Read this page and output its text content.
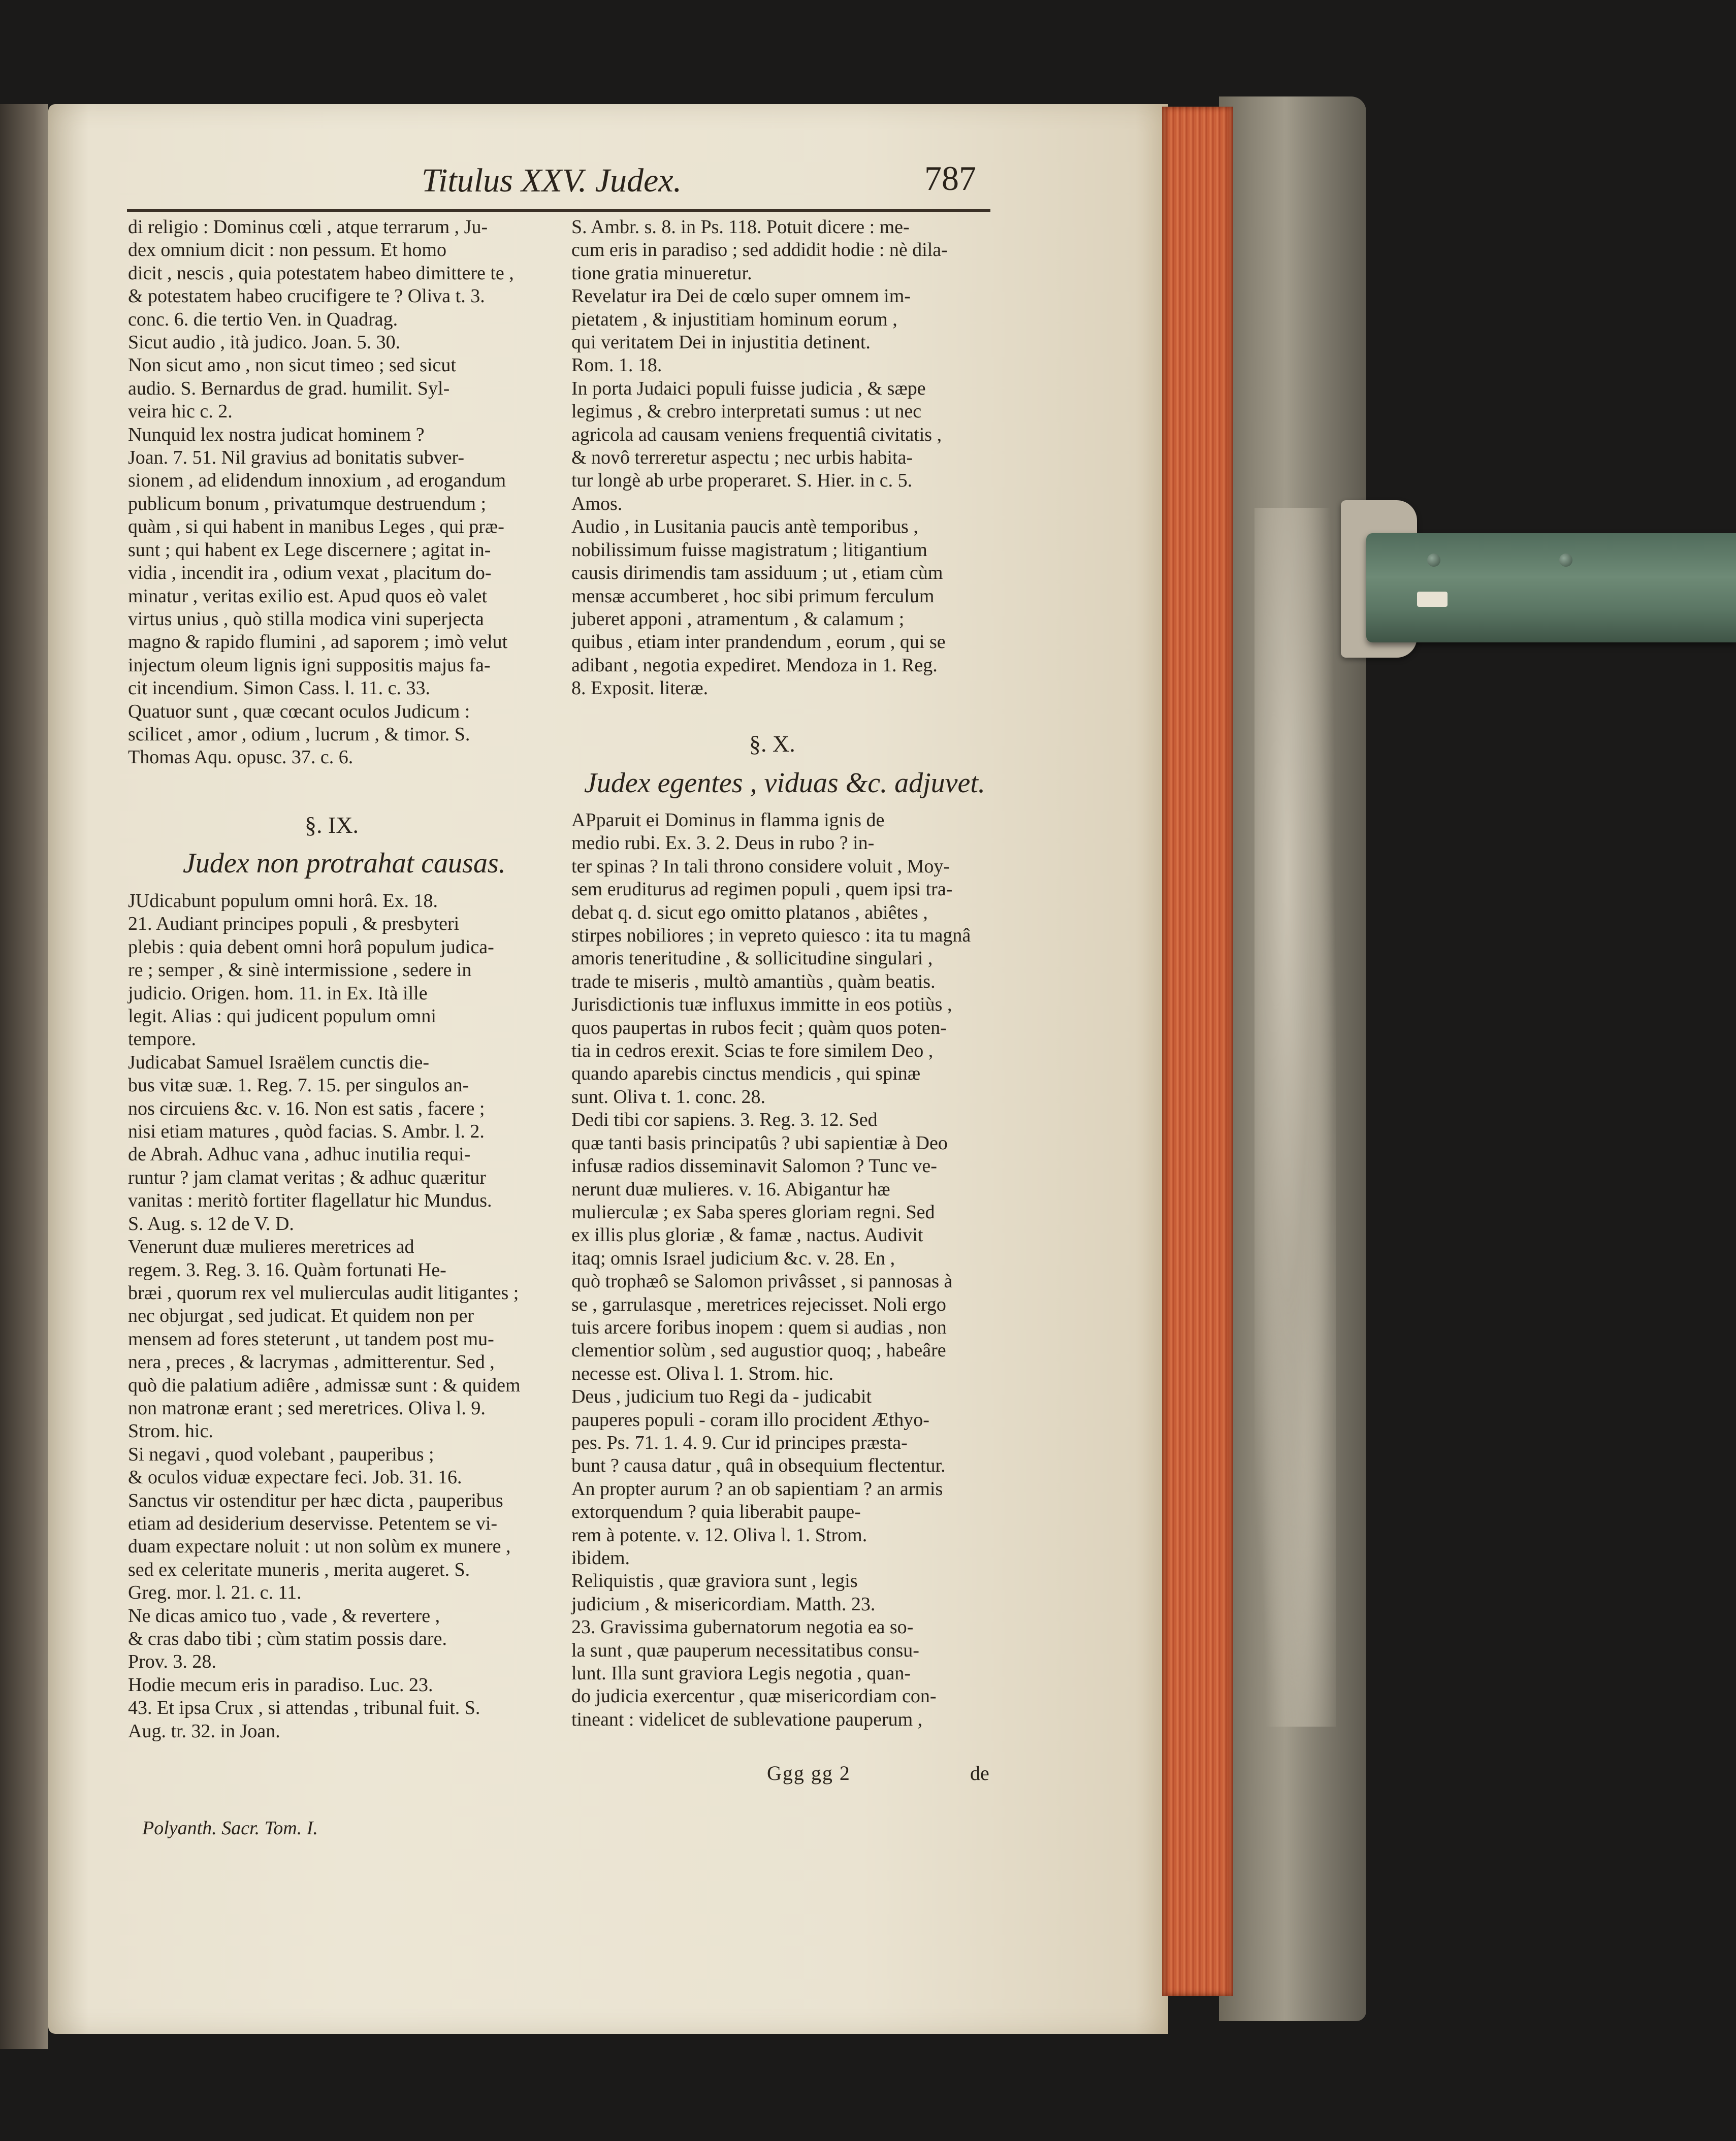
Titulus XXV. Judex.	787

di religio : Dominus cœli , atque terrarum , Ju-
dex omnium dicit : non pessum. Et homo
dicit , nescis , quia potestatem habeo dimittere te ,
& potestatem habeo crucifigere te ? Oliva t. 3.
conc. 6. die tertio Ven. in Quadrag.
Sicut audio , ità judico. Joan. 5. 30.
Non sicut amo , non sicut timeo ; sed sicut
audio. S. Bernardus de grad. humilit. Syl-
veira hic c. 2.
Nunquid lex nostra judicat hominem ?
Joan. 7. 51. Nil gravius ad bonitatis subver-
sionem , ad elidendum innoxium , ad erogandum
publicum bonum , privatumque destruendum ;
quàm , si qui habent in manibus Leges , qui præ-
sunt ; qui habent ex Lege discernere ; agitat in-
vidia , incendit ira , odium vexat , placitum do-
minatur , veritas exilio est. Apud quos eò valet
virtus unius , quò stilla modica vini superjecta
magno & rapido flumini , ad saporem ; imò velut
injectum oleum lignis igni suppositis majus fa-
cit incendium. Simon Cass. l. 11. c. 33.
Quatuor sunt , quæ cœcant oculos Judicum :
scilicet , amor , odium , lucrum , & timor. S.
Thomas Aqu. opusc. 37. c. 6.

§. IX.

Judex non protrahat causas.

JUdicabunt populum omni horâ. Ex. 18.
21. Audiant principes populi , & presbyteri
plebis : quia debent omni horâ populum judica-
re ; semper , & sinè intermissione , sedere in
judicio. Origen. hom. 11. in Ex. Ità ille
legit. Alias : qui judicent populum omni
tempore.
Judicabat Samuel Israëlem cunctis die-
bus vitæ suæ. 1. Reg. 7. 15. per singulos an-
nos circuiens &c. v. 16. Non est satis , facere ;
nisi etiam matures , quòd facias. S. Ambr. l. 2.
de Abrah. Adhuc vana , adhuc inutilia requi-
runtur ? jam clamat veritas ; & adhuc quæritur
vanitas : meritò fortiter flagellatur hic Mundus.
S. Aug. s. 12 de V. D.
Venerunt duæ mulieres meretrices ad
regem. 3. Reg. 3. 16. Quàm fortunati He-
bræi , quorum rex vel mulierculas audit litigantes ;
nec objurgat , sed judicat. Et quidem non per
mensem ad fores steterunt , ut tandem post mu-
nera , preces , & lacrymas , admitterentur. Sed ,
quò die palatium adiêre , admissæ sunt : & quidem
non matronæ erant ; sed meretrices. Oliva l. 9.
Strom. hic.
Si negavi , quod volebant , pauperibus ;
& oculos viduæ expectare feci. Job. 31. 16.
Sanctus vir ostenditur per hæc dicta , pauperibus
etiam ad desiderium deservisse. Petentem se vi-
duam expectare noluit : ut non solùm ex munere ,
sed ex celeritate muneris , merita augeret. S.
Greg. mor. l. 21. c. 11.
Ne dicas amico tuo , vade , & revertere ,
& cras dabo tibi ; cùm statim possis dare.
Prov. 3. 28.
Hodie mecum eris in paradiso. Luc. 23.
43. Et ipsa Crux , si attendas , tribunal fuit. S.
Aug. tr. 32. in Joan.
S. Ambr. s. 8. in Ps. 118. Potuit dicere : me-
cum eris in paradiso ; sed addidit hodie : nè dila-
tione gratia minueretur.
Revelatur ira Dei de cœlo super omnem im-
pietatem , & injustitiam hominum eorum ,
qui veritatem Dei in injustitia detinent.
Rom. 1. 18.
In porta Judaici populi fuisse judicia , & sæpe
legimus , & crebro interpretati sumus : ut nec
agricola ad causam veniens frequentiâ civitatis ,
& novô terreretur aspectu ; nec urbis habita-
tur longè ab urbe properaret. S. Hier. in c. 5.
Amos.
Audio , in Lusitania paucis antè temporibus ,
nobilissimum fuisse magistratum ; litigantium
causis dirimendis tam assiduum ; ut , etiam cùm
mensæ accumberet , hoc sibi primum ferculum
juberet apponi , atramentum , & calamum ;
quibus , etiam inter prandendum , eorum , qui se
adibant , negotia expediret. Mendoza in 1. Reg.
8. Exposit. literæ.

§. X.

Judex egentes , viduas &c. adjuvet.

APparuit ei Dominus in flamma ignis de
medio rubi. Ex. 3. 2. Deus in rubo ? in-
ter spinas ? In tali throno considere voluit , Moy-
sem eruditurus ad regimen populi , quem ipsi tra-
debat q. d. sicut ego omitto platanos , abiêtes ,
stirpes nobiliores ; in vepreto quiesco : ita tu magnâ
amoris teneritudine , & sollicitudine singulari ,
trade te miseris , multò amantiùs , quàm beatis.
Jurisdictionis tuæ influxus immitte in eos potiùs ,
quos paupertas in rubos fecit ; quàm quos poten-
tia in cedros erexit. Scias te fore similem Deo ,
quando aparebis cinctus mendicis , qui spinæ
sunt. Oliva t. 1. conc. 28.
Dedi tibi cor sapiens. 3. Reg. 3. 12. Sed
quæ tanti basis principatûs ? ubi sapientiæ à Deo
infusæ radios disseminavit Salomon ? Tunc ve-
nerunt duæ mulieres. v. 16. Abigantur hæ
mulierculæ ; ex Saba speres gloriam regni. Sed
ex illis plus gloriæ , & famæ , nactus. Audivit
itaq; omnis Israel judicium &c. v. 28. En ,
quò trophæô se Salomon privâsset , si pannosas à
se , garrulasque , meretrices rejecisset. Noli ergo
tuis arcere foribus inopem : quem si audias , non
clementior solùm , sed augustior quoq; , habeâre
necesse est. Oliva l. 1. Strom. hic.
Deus , judicium tuo Regi da - judicabit
pauperes populi - coram illo procident Æthyo-
pes. Ps. 71. 1. 4. 9. Cur id principes præsta-
bunt ? causa datur , quâ in obsequium flectentur.
An propter aurum ? an ob sapientiam ? an armis
extorquendum ? quia liberabit paupe-
rem à potente. v. 12. Oliva l. 1. Strom.
ibidem.
Reliquistis , quæ graviora sunt , legis
judicium , & misericordiam. Matth. 23.
23. Gravissima gubernatorum negotia ea so-
la sunt , quæ pauperum necessitatibus consu-
lunt. Illa sunt graviora Legis negotia , quan-
do judicia exercentur , quæ misericordiam con-
tineant : videlicet de sublevatione pauperum ,

Polyanth. Sacr. Tom. I.

Ggg gg 2	de
